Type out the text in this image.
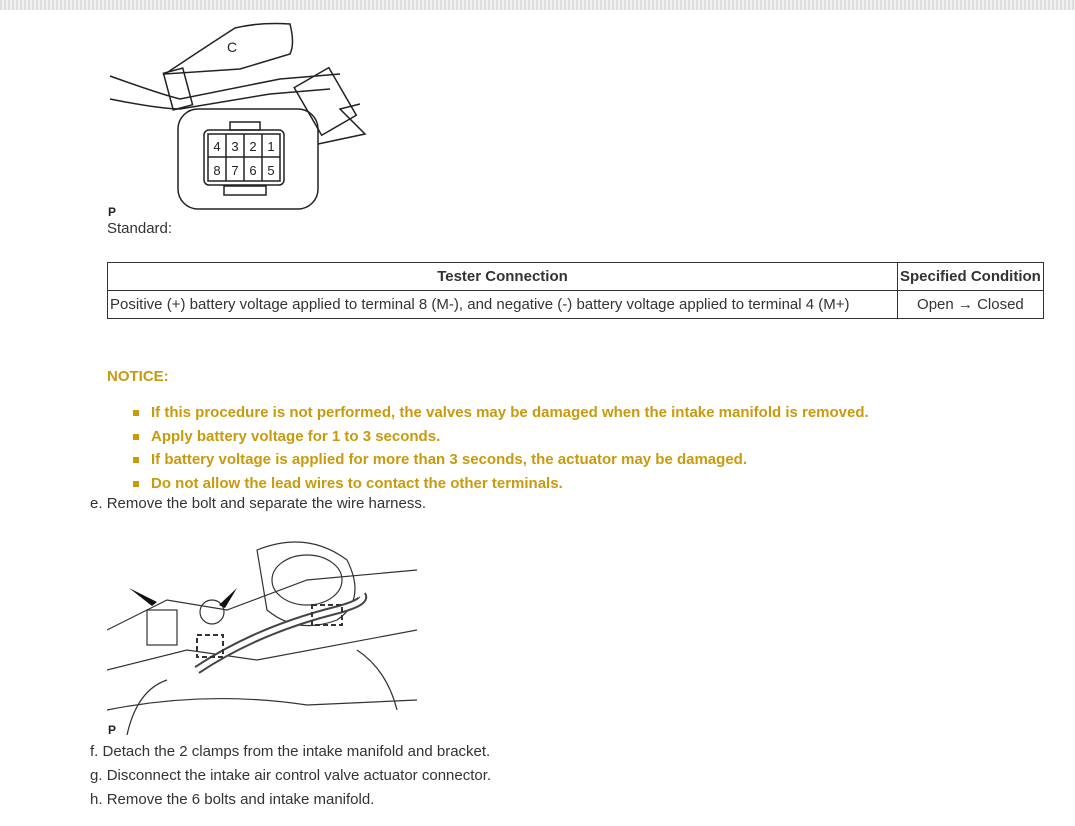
C
4 3 2 1
8 7 6 5
P
Standard:
Tester Connection	Specified Condition
Positive (+) battery voltage applied to terminal 8 (M-), and negative (-) battery voltage applied to terminal 4 (M+)	Open → Closed
NOTICE:
If this procedure is not performed, the valves may be damaged when the intake manifold is removed.
Apply battery voltage for 1 to 3 seconds.
If battery voltage is applied for more than 3 seconds, the actuator may be damaged.
Do not allow the lead wires to contact the other terminals.
e. Remove the bolt and separate the wire harness.
P
f. Detach the 2 clamps from the intake manifold and bracket.
g. Disconnect the intake air control valve actuator connector.
h. Remove the 6 bolts and intake manifold.
